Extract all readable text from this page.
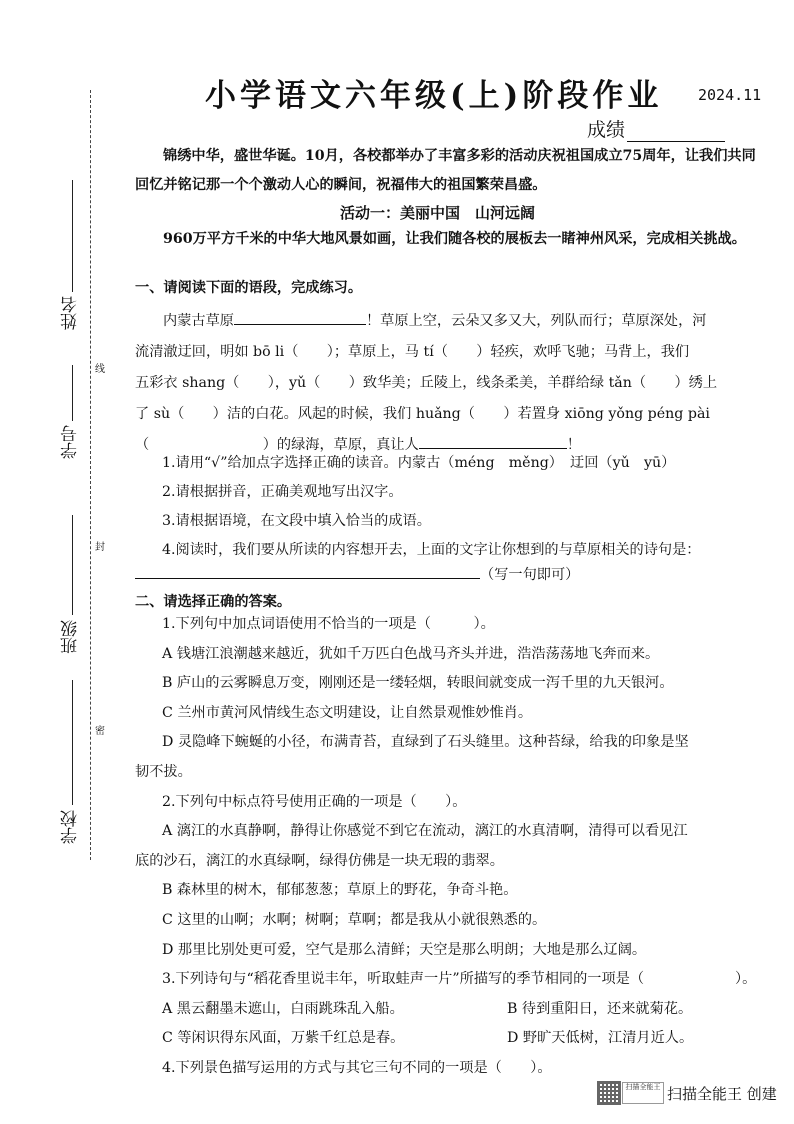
姓名
线
学号
封
班级
密
学校
小学语文六年级(上)阶段作业 2024.11
成绩
锦绣中华，盛世华诞。10月，各校都举办了丰富多彩的活动庆祝祖国成立75周年，让我们共同回忆并铭记那一个个激动人心的瞬间，祝福伟大的祖国繁荣昌盛。
活动一：美丽中国　山河远阔
960万平方千米的中华大地风景如画，让我们随各校的展板去一睹神州风采，完成相关挑战。
一、请阅读下面的语段，完成练习。
内蒙古草原	！草原上空，云朵又多又大，列队而行；草原深处，河
流清澈迂回，明如 bō li（　　）；草原上，马 tí（　　）轻疾，欢呼飞驰；马背上，我们
五彩衣 shang（　　），yǔ（　　）致华美；丘陵上，线条柔美，羊群给绿 tǎn（　　）绣上
了 sù（　　）洁的白花。风起的时候，我们 huǎng（　　）若置身 xiōng yǒng péng pài
（　　　　　　　　）的绿海，草原，真让人	！
1.请用“√”给加点字选择正确的读音。内蒙古（méng　měng）　迂回（yǔ　yū）
2.请根据拼音，正确美观地写出汉字。
3.请根据语境，在文段中填入恰当的成语。
4.阅读时，我们要从所读的内容想开去，上面的文字让你想到的与草原相关的诗句是：
（写一句即可）
二、请选择正确的答案。
1.下列句中加点词语使用不恰当的一项是（　　　）。
A 钱塘江浪潮越来越近，犹如千万匹白色战马齐头并进，浩浩荡荡地飞奔而来。
B 庐山的云雾瞬息万变，刚刚还是一缕轻烟，转眼间就变成一泻千里的九天银河。
C 兰州市黄河风情线生态文明建设，让自然景观惟妙惟肖。
D 灵隐峰下蜿蜒的小径，布满青苔，直绿到了石头缝里。这种苔绿，给我的印象是坚
韧不拔。
2.下列句中标点符号使用正确的一项是（　　）。
A 漓江的水真静啊，静得让你感觉不到它在流动，漓江的水真清啊，清得可以看见江
底的沙石，漓江的水真绿啊，绿得仿佛是一块无瑕的翡翠。
B 森林里的树木，郁郁葱葱；草原上的野花，争奇斗艳。
C 这里的山啊；水啊；树啊；草啊；都是我从小就很熟悉的。
D 那里比别处更可爱，空气是那么清鲜；天空是那么明朗；大地是那么辽阔。
3.下列诗句与“稻花香里说丰年，听取蛙声一片”所描写的季节相同的一项是（	）。
A 黑云翻墨未遮山，白雨跳珠乱入船。	B 待到重阳日，还来就菊花。
C 等闲识得东风面，万紫千红总是春。	D 野旷天低树，江清月近人。
4.下列景色描写运用的方式与其它三句不同的一项是（　　）。
扫描全能王 扫描全能王 创建
